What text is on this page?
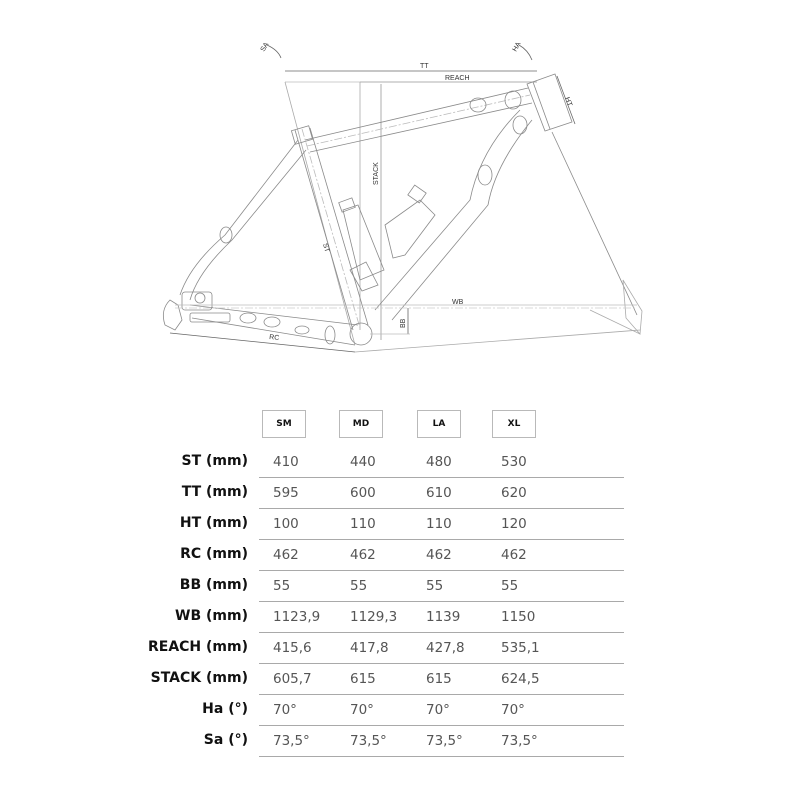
TT
REACH
HT
STACK
ST
WB
RC
BB
SA	HA
SM	MD	LA	XL
ST (mm) 410	440	480	530
TT (mm) 595	600	610	620
HT (mm) 100	110	110	120
RC (mm) 462	462	462	462
BB (mm) 55	55	55	55
WB (mm) 1123,9 1129,3 1139	1150
REACH (mm) 415,6	417,8	427,8	535,1
STACK (mm) 605,7	615	615	624,5
Ha (°) 70°	70°	70°	70°
Sa (°) 73,5°	73,5°	73,5°	73,5°
